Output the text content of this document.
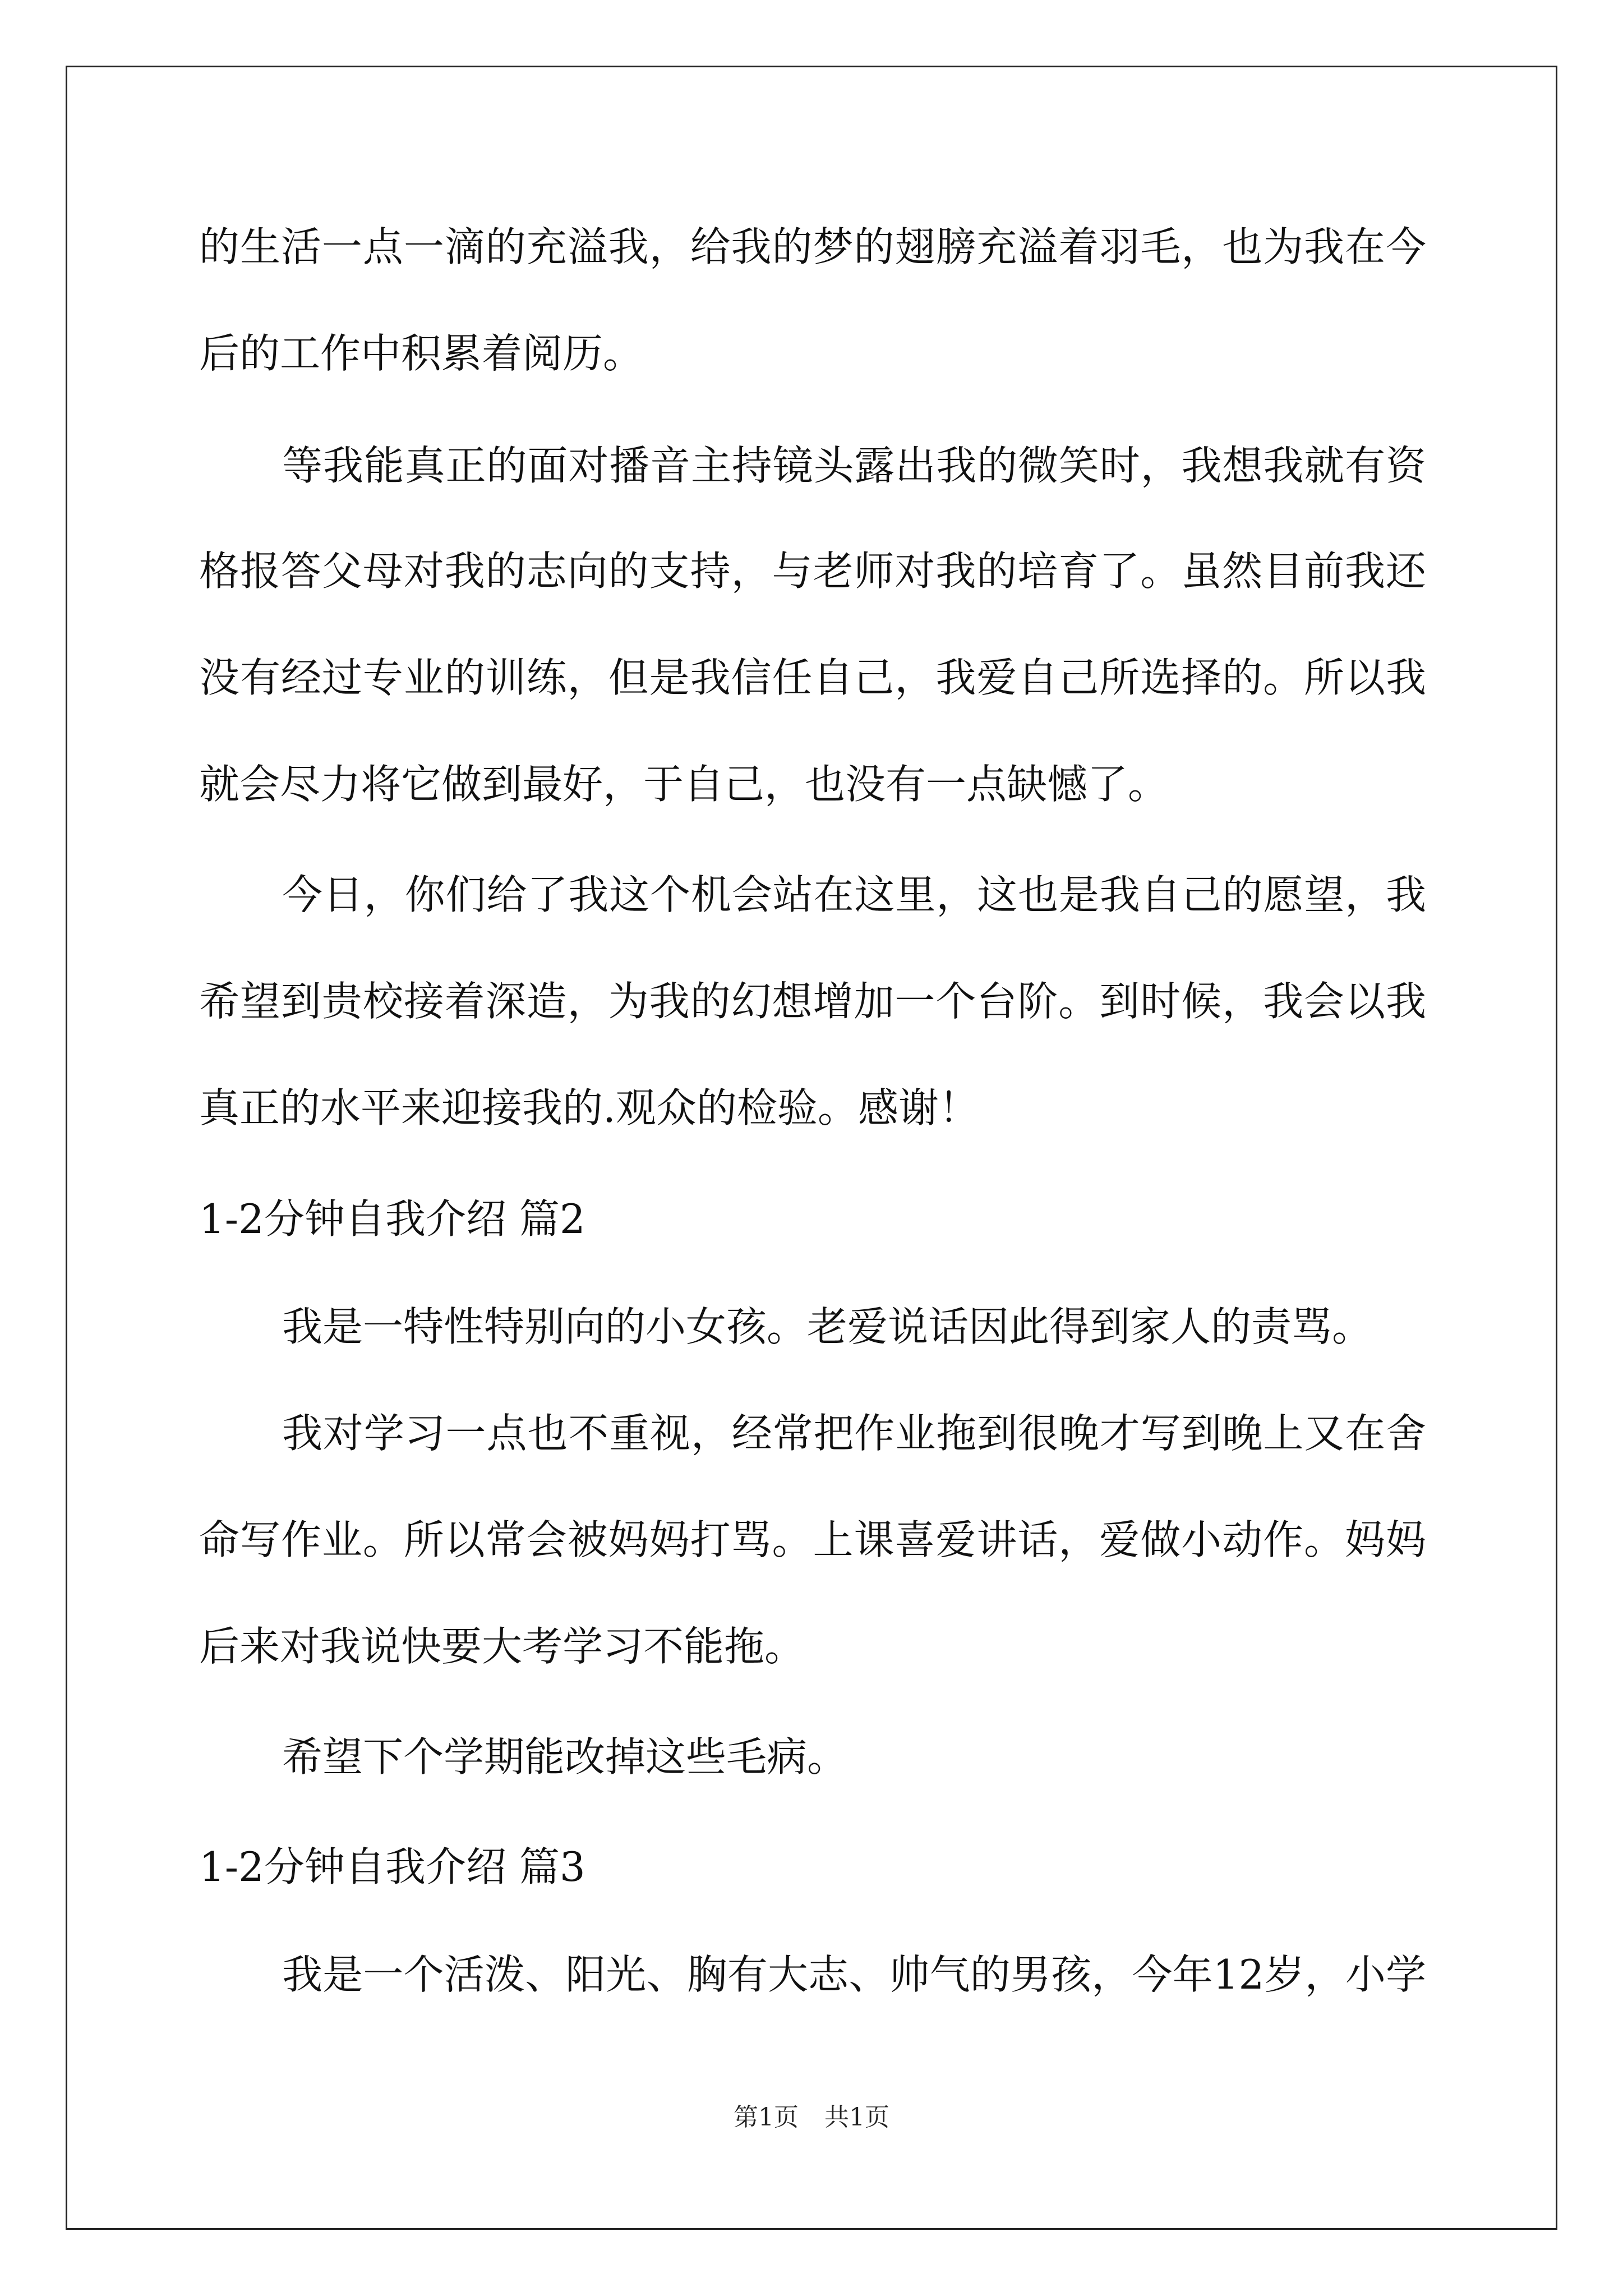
的生活一点一滴的充溢我，给我的梦的翅膀充溢着羽毛，也为我在今
后的工作中积累着阅历。
等我能真正的面对播音主持镜头露出我的微笑时，我想我就有资
格报答父母对我的志向的支持，与老师对我的培育了。虽然目前我还
没有经过专业的训练，但是我信任自己，我爱自己所选择的。所以我
就会尽力将它做到最好，于自己，也没有一点缺憾了。
今日，你们给了我这个机会站在这里，这也是我自己的愿望，我
希望到贵校接着深造，为我的幻想增加一个台阶。到时候，我会以我
真正的水平来迎接我的.观众的检验。感谢！
1-2分钟自我介绍 篇2
我是一特性特别向的小女孩。老爱说话因此得到家人的责骂。
我对学习一点也不重视，经常把作业拖到很晚才写到晚上又在舍
命写作业。所以常会被妈妈打骂。上课喜爱讲话，爱做小动作。妈妈
后来对我说快要大考学习不能拖。
希望下个学期能改掉这些毛病。
1-2分钟自我介绍 篇3
我是一个活泼、阳光、胸有大志、帅气的男孩，今年12岁，小学
第1页 共1页
